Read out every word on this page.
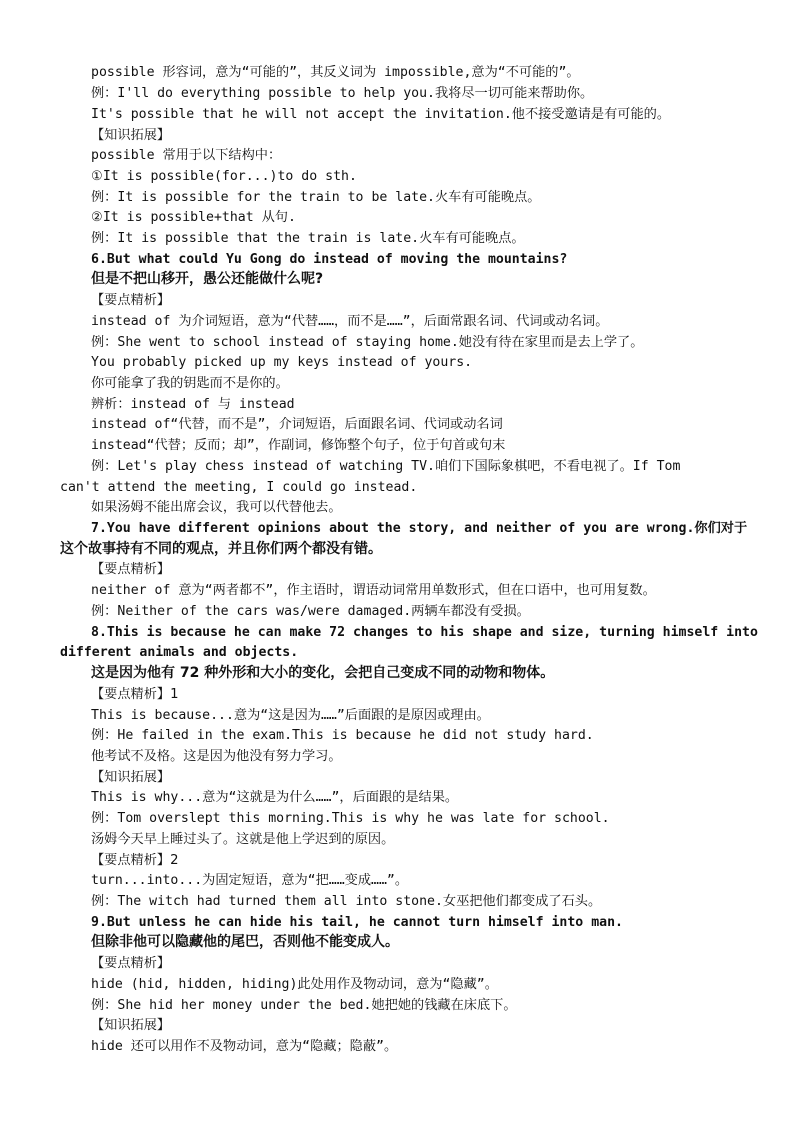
possible 形容词，意为“可能的”，其反义词为 impossible,意为“不可能的”。
例：I'll do everything possible to help you.我将尽一切可能来帮助你。
It's possible that he will not accept the invitation.他不接受邀请是有可能的。
【知识拓展】
possible 常用于以下结构中：
①It is possible(for...)to do sth.
例：It is possible for the train to be late.火车有可能晚点。
②It is possible+that 从句.
例：It is possible that the train is late.火车有可能晚点。
6.But what could Yu Gong do instead of moving the mountains?
但是不把山移开，愚公还能做什么呢?
【要点精析】
instead of 为介词短语，意为“代替……，而不是……”，后面常跟名词、代词或动名词。
例：She went to school instead of staying home.她没有待在家里而是去上学了。
You probably picked up my keys instead of yours.
你可能拿了我的钥匙而不是你的。
辨析：instead of 与 instead
instead of“代替，而不是”，介词短语，后面跟名词、代词或动名词
instead“代替；反而；却”，作副词，修饰整个句子，位于句首或句末
例：Let's play chess instead of watching TV.咱们下国际象棋吧，不看电视了。If Tom
can't attend the meeting, I could go instead.
如果汤姆不能出席会议，我可以代替他去。
7.You have different opinions about the story, and neither of you are wrong.你们对于
这个故事持有不同的观点，并且你们两个都没有错。
【要点精析】
neither of 意为“两者都不”，作主语时，谓语动词常用单数形式，但在口语中，也可用复数。
例：Neither of the cars was/were damaged.两辆车都没有受损。
8.This is because he can make 72 changes to his shape and size, turning himself into
different animals and objects.
这是因为他有 72 种外形和大小的变化，会把自己变成不同的动物和物体。
【要点精析】1
This is because...意为“这是因为……”后面跟的是原因或理由。
例：He failed in the exam.This is because he did not study hard.
他考试不及格。这是因为他没有努力学习。
【知识拓展】
This is why...意为“这就是为什么……”，后面跟的是结果。
例：Tom overslept this morning.This is why he was late for school.
汤姆今天早上睡过头了。这就是他上学迟到的原因。
【要点精析】2
turn...into...为固定短语，意为“把……变成……”。
例：The witch had turned them all into stone.女巫把他们都变成了石头。
9.But unless he can hide his tail, he cannot turn himself into man.
但除非他可以隐藏他的尾巴，否则他不能变成人。
【要点精析】
hide (hid, hidden, hiding)此处用作及物动词，意为“隐藏”。
例：She hid her money under the bed.她把她的钱藏在床底下。
【知识拓展】
hide 还可以用作不及物动词，意为“隐藏；隐蔽”。
